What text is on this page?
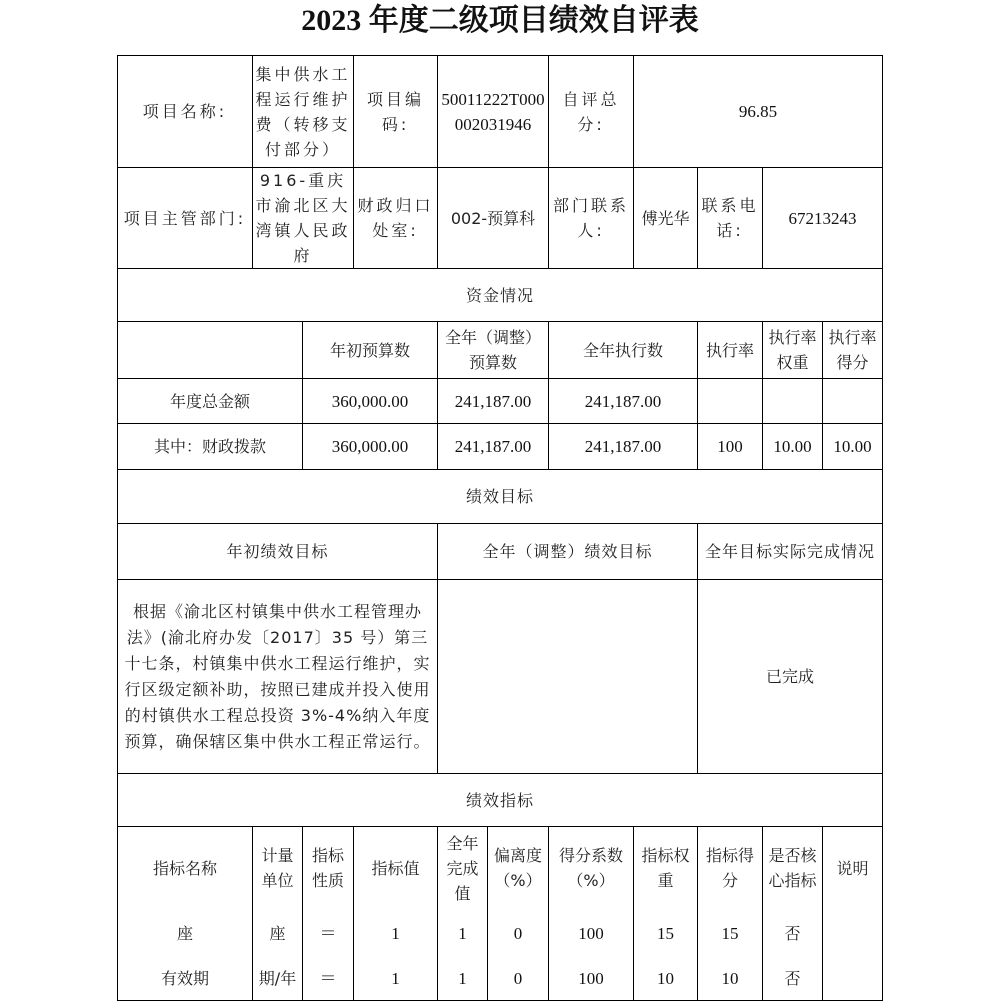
2023 年度二级项目绩效自评表
项目名称:	集中供水工程运行维护费（转移支付部分）		项目编码:	50011222T000002031946		自评总分:	96.85			
项目主管部门:	916-重庆市渝北区大湾镇人民政府		财政归口处室:	002-预算科		部门联系人:	傅光华	联系电话:	67213243	
资金情况										
		年初预算数		全年（调整）预算数		全年执行数		执行率	执行率权重	执行率得分
年度总金额		360,000.00		241,187.00		241,187.00				
其中：财政拨款		360,000.00		241,187.00		241,187.00		100	10.00	10.00
绩效目标										
年初绩效目标				全年（调整）绩效目标				全年目标实际完成情况		
根据《渝北区村镇集中供水工程管理办法》(渝北府办发〔2017〕35 号）第三十七条，村镇集中供水工程运行维护，实行区级定额补助，按照已建成并投入使用的村镇供水工程总投资 3%-4%纳入年度预算，确保辖区集中供水工程正常运行。								已完成		
绩效指标										
指标名称	计量单位	指标性质	指标值	全年完成值	偏离度（%）	得分系数（%）	指标权重	指标得分	是否核心指标	说明
座	座	＝	1	1	0	100	15	15	否	
有效期	期/年	＝	1	1	0	100	10	10	否	
